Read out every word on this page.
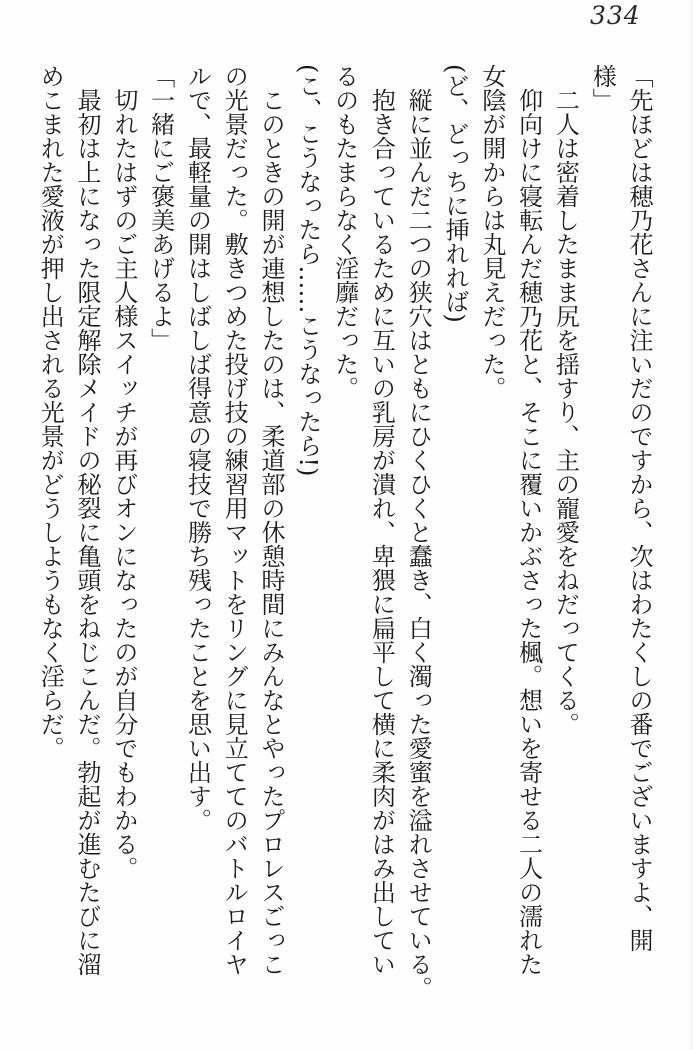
334

「先ほどは穂乃花さんに注いだのですから、次はわたくしの番でございますよ、開

様」

二人は密着したまま尻を揺すり、主の寵愛をねだってくる。

仰向けに寝転んだ穂乃花と、そこに覆いかぶさった楓。想いを寄せる二人の濡れた

女陰が開からは丸見えだった。

(ど、どっちに挿れれば)

縦に並んだ二つの狭穴はともにひくひくと蠢き、白く濁った愛蜜を溢れさせている。

抱き合っているために互いの乳房が潰れ、卑猥に扁平して横に柔肉がはみ出してい

るのもたまらなく淫靡だった。

(こ、こうなったら……こうなったら!)

このときの開が連想したのは、柔道部の休憩時間にみんなとやったプロレスごっこ

の光景だった。敷きつめた投げ技の練習用マットをリングに見立ててのバトルロイヤ

ルで、最軽量の開はしばしば得意の寝技で勝ち残ったことを思い出す。

「一緒にご褒美あげるよ」

切れたはずのご主人様スイッチが再びオンになったのが自分でもわかる。

最初は上になった限定解除メイドの秘裂に亀頭をねじこんだ。勃起が進むたびに溜

めこまれた愛液が押し出される光景がどうしようもなく淫らだ。
